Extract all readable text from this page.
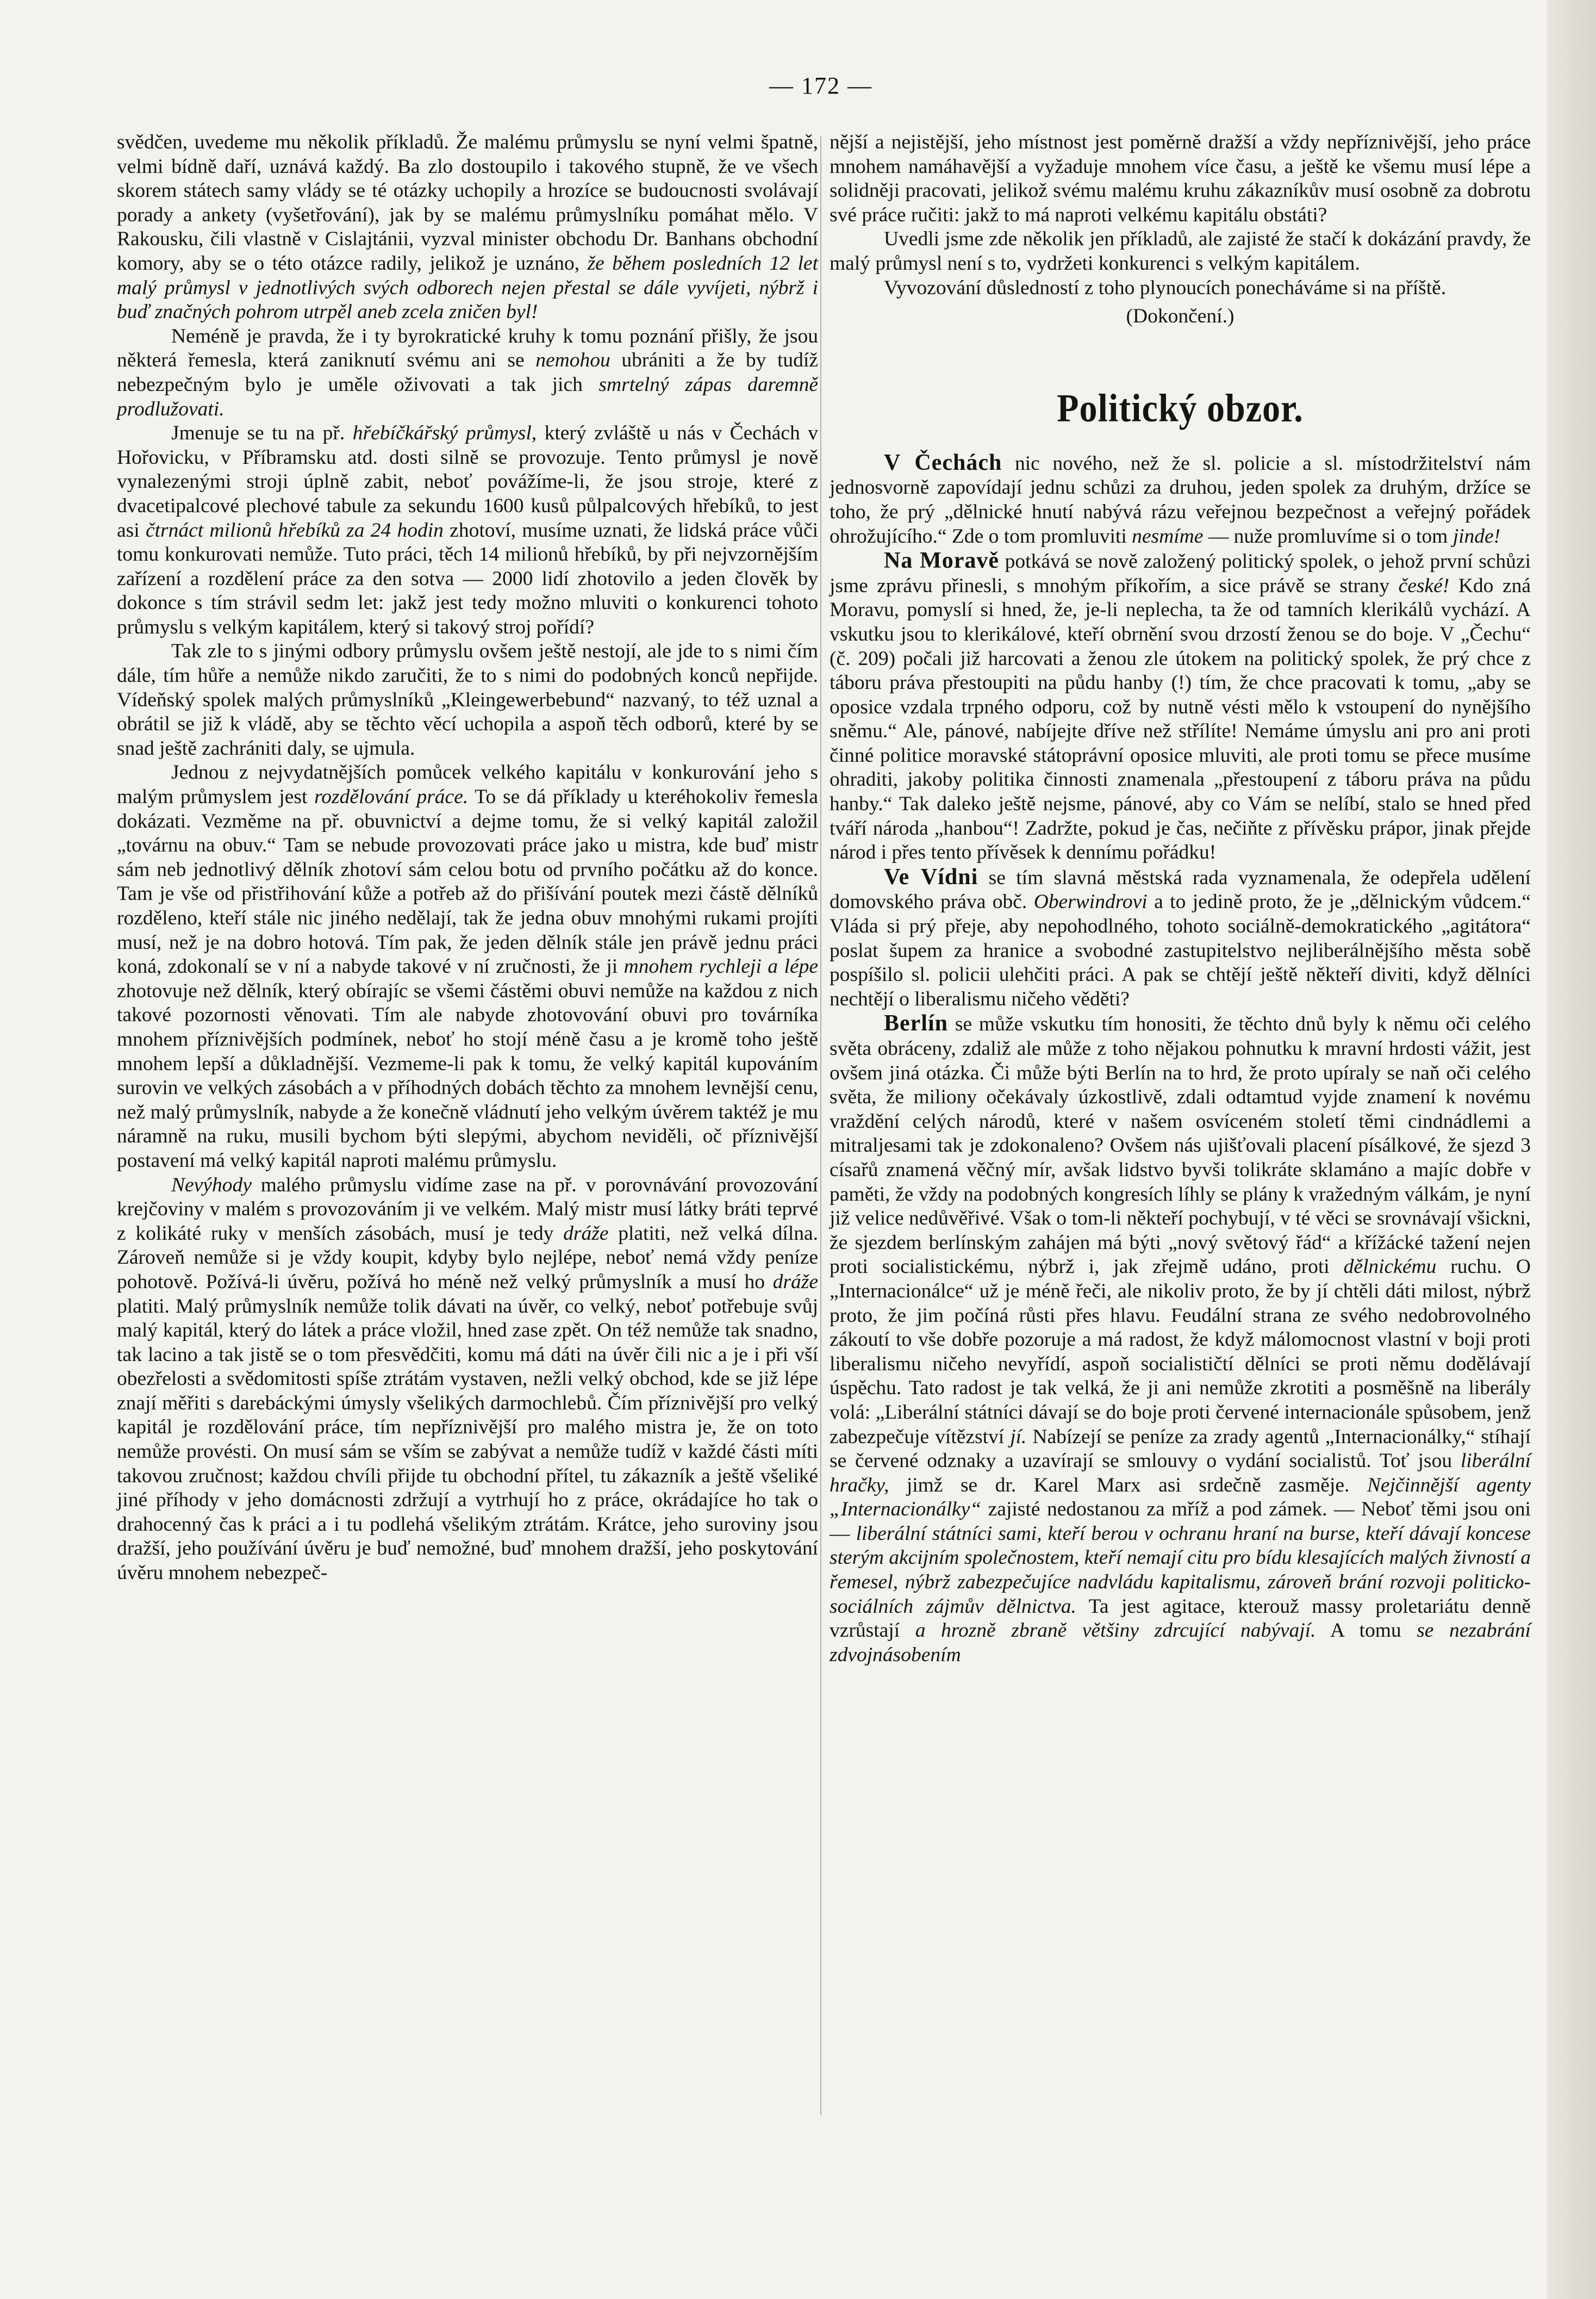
— 172 —

svědčen, uvedeme mu několik příkladů. Že malému průmyslu se nyní velmi špatně, velmi bídně daří, uznává každý. Ba zlo dostoupilo i takového stupně, že ve všech skorem státech samy vlády se té otázky uchopily a hrozíce se budoucnosti svolávají porady a ankety (vyšetřování), jak by se malému průmyslníku pomáhat mělo. V Rakousku, čili vlastně v Cislajtánii, vyzval minister obchodu Dr. Banhans obchodní komory, aby se o této otázce radily, jelikož je uznáno, že během posledních 12 let malý průmysl v jednotlivých svých odborech nejen přestal se dále vyvíjeti, nýbrž i buď značných pohrom utrpěl aneb zcela zničen byl!

Neméně je pravda, že i ty byrokratické kruhy k tomu poznání přišly, že jsou některá řemesla, která zaniknutí svému ani se nemohou ubrániti a že by tudíž nebezpečným bylo je uměle oživovati a tak jich smrtelný zápas daremně prodlužovati.

Jmenuje se tu na př. hřebíčkářský průmysl, který zvláště u nás v Čechách v Hořovicku, v Příbramsku atd. dosti silně se provozuje. Tento průmysl je nově vynalezenými stroji úplně zabit, neboť povážíme-li, že jsou stroje, které z dvacetipalcové plechové tabule za sekundu 1600 kusů půlpalcových hřebíků, to jest asi čtrnáct milionů hřebíků za 24 hodin zhotoví, musíme uznati, že lidská práce vůči tomu konkurovati nemůže. Tuto práci, těch 14 milionů hřebíků, by při nejvzornějším zařízení a rozdělení práce za den sotva — 2000 lidí zhotovilo a jeden člověk by dokonce s tím strávil sedm let: jakž jest tedy možno mluviti o konkurenci tohoto průmyslu s velkým kapitálem, který si takový stroj pořídí?

Tak zle to s jinými odbory průmyslu ovšem ještě nestojí, ale jde to s nimi čím dále, tím hůře a nemůže nikdo zaručiti, že to s nimi do podobných konců nepřijde. Vídeňský spolek malých průmyslníků „Kleingewerbebund“ nazvaný, to též uznal a obrátil se již k vládě, aby se těchto věcí uchopila a aspoň těch odborů, které by se snad ještě zachrániti daly, se ujmula.

Jednou z nejvydatnějších pomůcek velkého kapitálu v konkurování jeho s malým průmyslem jest rozdělování práce. To se dá příklady u kteréhokoliv řemesla dokázati. Vezměme na př. obuvnictví a dejme tomu, že si velký kapitál založil „továrnu na obuv.“ Tam se nebude provozovati práce jako u mistra, kde buď mistr sám neb jednotlivý dělník zhotoví sám celou botu od prvního počátku až do konce. Tam je vše od přistřihování kůže a potřeb až do přišívání poutek mezi částě dělníků rozděleno, kteří stále nic jiného nedělají, tak že jedna obuv mnohými rukami projíti musí, než je na dobro hotová. Tím pak, že jeden dělník stále jen právě jednu práci koná, zdokonalí se v ní a nabyde takové v ní zručnosti, že ji mnohem rychleji a lépe zhotovuje než dělník, který obírajíc se všemi částěmi obuvi nemůže na každou z nich takové pozornosti věnovati. Tím ale nabyde zhotovování obuvi pro továrníka mnohem příznivějších podmínek, neboť ho stojí méně času a je kromě toho ještě mnohem lepší a důkladnější. Vezmeme-li pak k tomu, že velký kapitál kupováním surovin ve velkých zásobách a v příhodných dobách těchto za mnohem levnější cenu, než malý průmyslník, nabyde a že konečně vládnutí jeho velkým úvěrem taktéž je mu náramně na ruku, musili bychom býti slepými, abychom neviděli, oč příznivější postavení má velký kapitál naproti malému průmyslu.

Nevýhody malého průmyslu vidíme zase na př. v porovnávání provozování krejčoviny v malém s provozováním ji ve velkém. Malý mistr musí látky bráti teprvé z kolikáté ruky v menších zásobách, musí je tedy dráže platiti, než velká dílna. Zároveň nemůže si je vždy koupit, kdyby bylo nejlépe, neboť nemá vždy peníze pohotově. Požívá-li úvěru, požívá ho méně než velký průmyslník a musí ho dráže platiti. Malý průmyslník nemůže tolik dávati na úvěr, co velký, neboť potřebuje svůj malý kapitál, který do látek a práce vložil, hned zase zpět. On též nemůže tak snadno, tak lacino a tak jistě se o tom přesvědčiti, komu má dáti na úvěr čili nic a je i při vší obezřelosti a svědomitosti spíše ztrátám vystaven, nežli velký obchod, kde se již lépe znají měřiti s darebáckými úmysly všelikých darmochlebů. Čím příznivější pro velký kapitál je rozdělování práce, tím nepříznivější pro malého mistra je, že on toto nemůže provésti. On musí sám se vším se zabývat a nemůže tudíž v každé části míti takovou zručnost; každou chvíli přijde tu obchodní přítel, tu zákazník a ještě všeliké jiné příhody v jeho domácnosti zdržují a vytrhují ho z práce, okrádajíce ho tak o drahocenný čas k práci a i tu podlehá všelikým ztrátám. Krátce, jeho suroviny jsou dražší, jeho používání úvěru je buď nemožné, buď mnohem dražší, jeho poskytování úvěru mnohem nebezpeč-

nější a nejistější, jeho místnost jest poměrně dražší a vždy nepříznivější, jeho práce mnohem namáhavější a vyžaduje mnohem více času, a ještě ke všemu musí lépe a solidněji pracovati, jelikož svému malému kruhu zákazníkův musí osobně za dobrotu své práce ručiti: jakž to má naproti velkému kapitálu obstáti?

Uvedli jsme zde několik jen příkladů, ale zajisté že stačí k dokázání pravdy, že malý průmysl není s to, vydržeti konkurenci s velkým kapitálem.

Vyvozování důsledností z toho plynoucích ponecháváme si na příště.

(Dokončení.)

Politický obzor.

V Čechách nic nového, než že sl. policie a sl. místodržitelství nám jednosvorně zapovídají jednu schůzi za druhou, jeden spolek za druhým, držíce se toho, že prý „dělnické hnutí nabývá rázu veřejnou bezpečnost a veřejný pořádek ohrožujícího.“ Zde o tom promluviti nesmíme — nuže promluvíme si o tom jinde!

Na Moravě potkává se nově založený politický spolek, o jehož první schůzi jsme zprávu přinesli, s mnohým příkořím, a sice právě se strany české! Kdo zná Moravu, pomyslí si hned, že, je-li neplecha, ta že od tamních klerikálů vychází. A vskutku jsou to klerikálové, kteří obrnění svou drzostí ženou se do boje. V „Čechu“ (č. 209) počali již harcovati a ženou zle útokem na politický spolek, že prý chce z táboru práva přestoupiti na půdu hanby (!) tím, že chce pracovati k tomu, „aby se oposice vzdala trpného odporu, což by nutně vésti mělo k vstoupení do nynějšího sněmu.“ Ale, pánové, nabíjejte dříve než střílíte! Nemáme úmyslu ani pro ani proti činné politice moravské státoprávní oposice mluviti, ale proti tomu se přece musíme ohraditi, jakoby politika činnosti znamenala „přestoupení z táboru práva na půdu hanby.“ Tak daleko ještě nejsme, pánové, aby co Vám se nelíbí, stalo se hned před tváří národa „hanbou“! Zadržte, pokud je čas, nečiňte z přívěsku prápor, jinak přejde národ i přes tento přívěsek k dennímu pořádku!

Ve Vídni se tím slavná městská rada vyznamenala, že odepřela udělení domovského práva obč. Oberwindrovi a to jedině proto, že je „dělnickým vůdcem.“ Vláda si prý přeje, aby nepohodlného, tohoto sociálně-demokratického „agitátora“ poslat šupem za hranice a svobodné zastupitelstvo nejliberálnějšího města sobě pospíšilo sl. policii ulehčiti práci. A pak se chtějí ještě někteří diviti, když dělníci nechtějí o liberalismu ničeho věděti?

Berlín se může vskutku tím honositi, že těchto dnů byly k němu oči celého světa obráceny, zdaliž ale může z toho nějakou pohnutku k mravní hrdosti vážit, jest ovšem jiná otázka. Či může býti Berlín na to hrd, že proto upíraly se naň oči celého světa, že miliony očekávaly úzkostlivě, zdali odtamtud vyjde znamení k novému vraždění celých národů, které v našem osvíceném století těmi cindnádlemi a mitraljesami tak je zdokonaleno? Ovšem nás ujišťovali placení písálkové, že sjezd 3 císařů znamená věčný mír, avšak lidstvo byvši tolikráte sklamáno a majíc dobře v paměti, že vždy na podobných kongresích líhly se plány k vražedným válkám, je nyní již velice nedůvěřivé. Však o tom-li někteří pochybují, v té věci se srovnávají všickni, že sjezdem berlínským zahájen má býti „nový světový řád“ a křížácké tažení nejen proti socialistickému, nýbrž i, jak zřejmě udáno, proti dělnickému ruchu. O „Internacionálce“ už je méně řeči, ale nikoliv proto, že by jí chtěli dáti milost, nýbrž proto, že jim počíná růsti přes hlavu. Feudální strana ze svého nedobrovolného zákoutí to vše dobře pozoruje a má radost, že když málomocnost vlastní v boji proti liberalismu ničeho nevyřídí, aspoň socialističtí dělníci se proti němu dodělávají úspěchu. Tato radost je tak velká, že ji ani nemůže zkrotiti a posměšně na liberály volá: „Liberální státníci dávají se do boje proti červené internacionále spůsobem, jenž zabezpečuje vítězství jí. Nabízejí se peníze za zrady agentů „Internacionálky,“ stíhají se červené odznaky a uzavírají se smlouvy o vydání socialistů. Toť jsou liberální hračky, jimž se dr. Karel Marx asi srdečně zasměje. Nejčinnější agenty „Internacionálky“ zajisté nedostanou za mříž a pod zámek. — Neboť těmi jsou oni — liberální státníci sami, kteří berou v ochranu hraní na burse, kteří dávají koncese sterým akcijním společnostem, kteří nemají citu pro bídu klesajících malých živností a řemesel, nýbrž zabezpečujíce nadvládu kapitalismu, zároveň brání rozvoji politicko-sociálních zájmův dělnictva. Ta jest agitace, kterouž massy proletariátu denně vzrůstají a hrozně zbraně většiny zdrcující nabývají. A tomu se nezabrání zdvojnásobením
